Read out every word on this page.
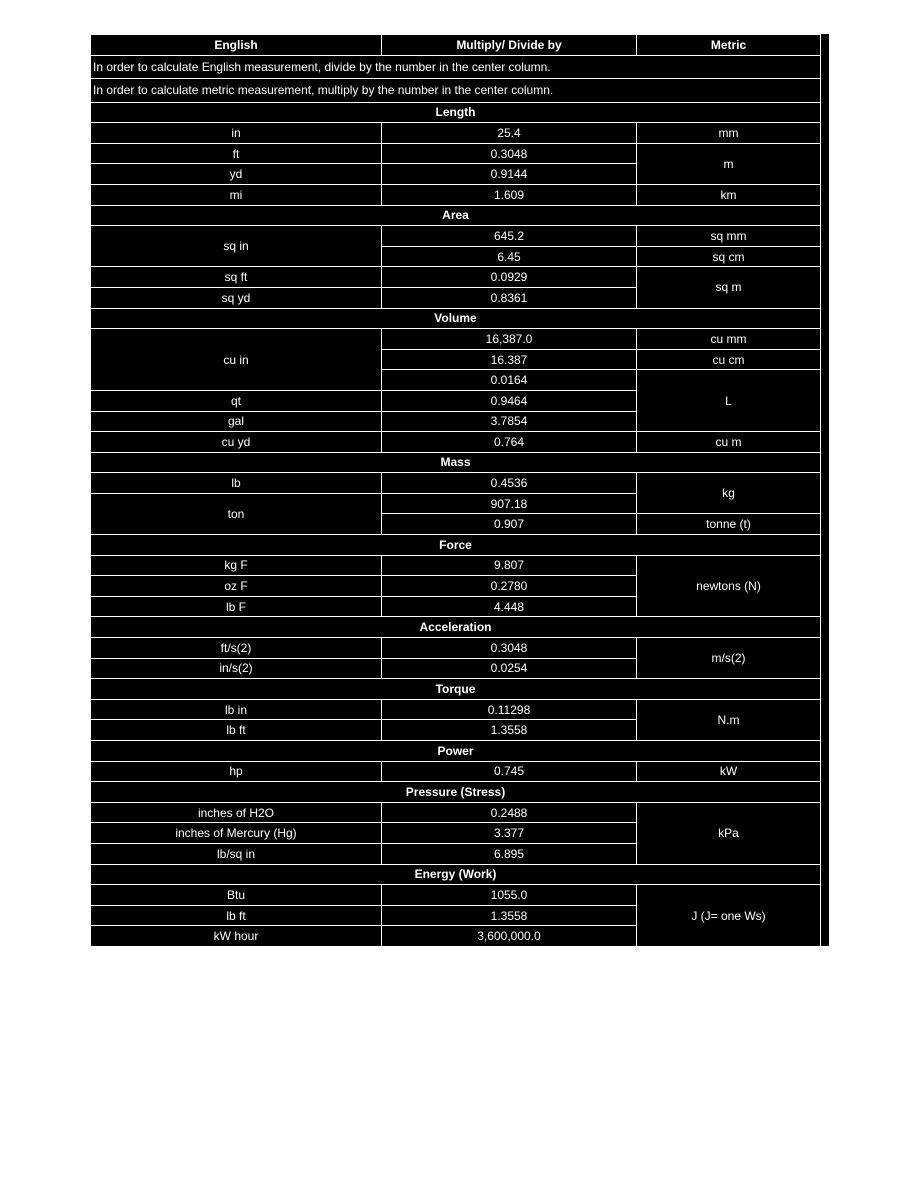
English	Multiply/ Divide by	Metric
In order to calculate English measurement, divide by the number in the center column.		
In order to calculate metric measurement, multiply by the number in the center column.		
Length		
in	25.4	mm
ft	0.3048	m
yd	0.9144	
mi	1.609	km
Area		
sq in	645.2	sq mm
	6.45	sq cm
sq ft	0.0929	sq m
sq yd	0.8361	
Volume		
cu in	16,387.0	cu mm
	16.387	cu cm
	0.0164	L
qt	0.9464	
gal	3.7854	
cu yd	0.764	cu m
Mass		
lb	0.4536	kg
ton	907.18	
	0.907	tonne (t)
Force		
kg F	9.807	newtons (N)
oz F	0.2780	
lb F	4.448	
Acceleration		
ft/s(2)	0.3048	m/s(2)
in/s(2)	0.0254	
Torque		
lb in	0.11298	N.m
lb ft	1.3558	
Power		
hp	0.745	kW
Pressure (Stress)		
inches of H2O	0.2488	kPa
inches of Mercury (Hg)	3.377	
lb/sq in	6.895	
Energy (Work)		
Btu	1055.0	J (J= one Ws)
lb ft	1.3558	
kW hour	3,600,000.0	
